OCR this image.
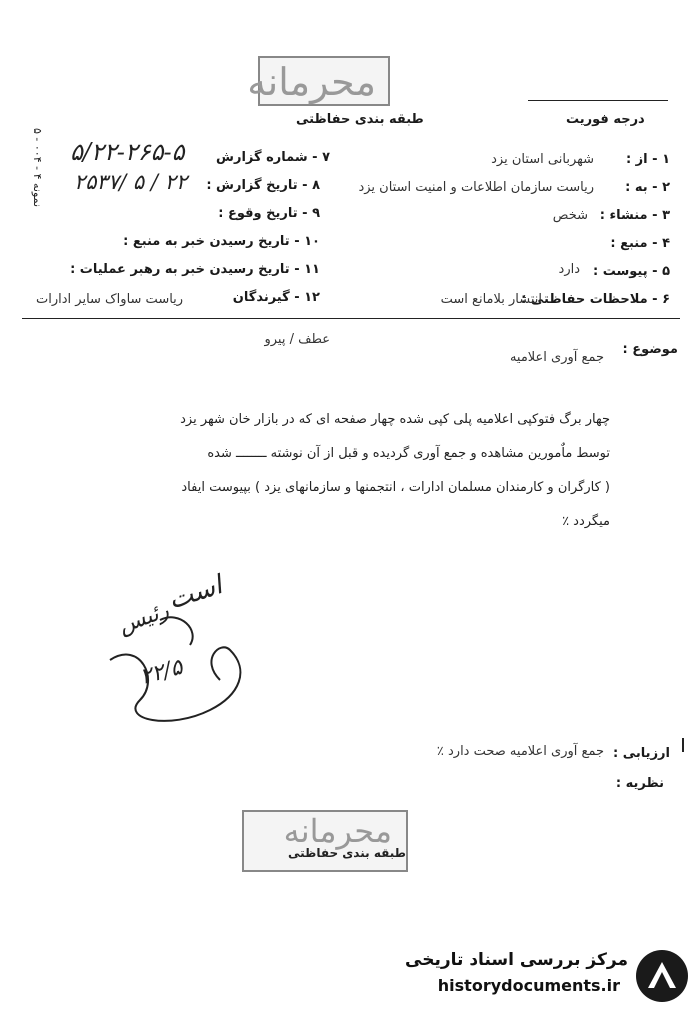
محرمانه
طبقه بندی حفاظتی	درجه فوریت
نمونه ۴ - ۰۰۴ - ۵
۱ - از :
شهربانی استان یزد
۲ - به :
ریاست سازمان اطلاعات و امنیت استان یزد
۳ - منشاء :
شخص
۴ - منبع :
۵ - پیوست :
دارد
۶ - ملاحظات حفاظتی :
انتشار بلامانع است
۷ - شماره گزارش
۵/۲۲-۲۶۵-۵
۸ - تاریخ گزارش :
۲۵۳۷/ ۵ / ۲۲
۹ - تاریخ وقوع :
۱۰ - تاریخ رسیدن خبر به منبع :
۱۱ - تاریخ رسیدن خبر به رهبر عملیات :
۱۲ - گیرندگان
ریاست ساواک سایر ادارات
موضوع :
عطف / پیرو
جمع آوری اعلامیه
چهار برگ فتوکپی اعلامیه پلی کپی شده چهار صفحه ای که در بازار خان شهر یزد
توسط ماٌمورین مشاهده و جمع آوری گردیده و قبل از آن نوشته ــــــــ شده
( کارگران و کارمندان مسلمان ادارات ، انتجمنها و سازمانهای یزد ) بپیوست ایفاد
میگردد ٪
است
رئیس
۲۲/۵
ارزیابی :
جمع آوری اعلامیه صحت دارد ٪
نظریه :
محرمانه
طبقه بندی حفاظتی
مرکز بررسی اسناد تاریخی
historydocuments.ir
